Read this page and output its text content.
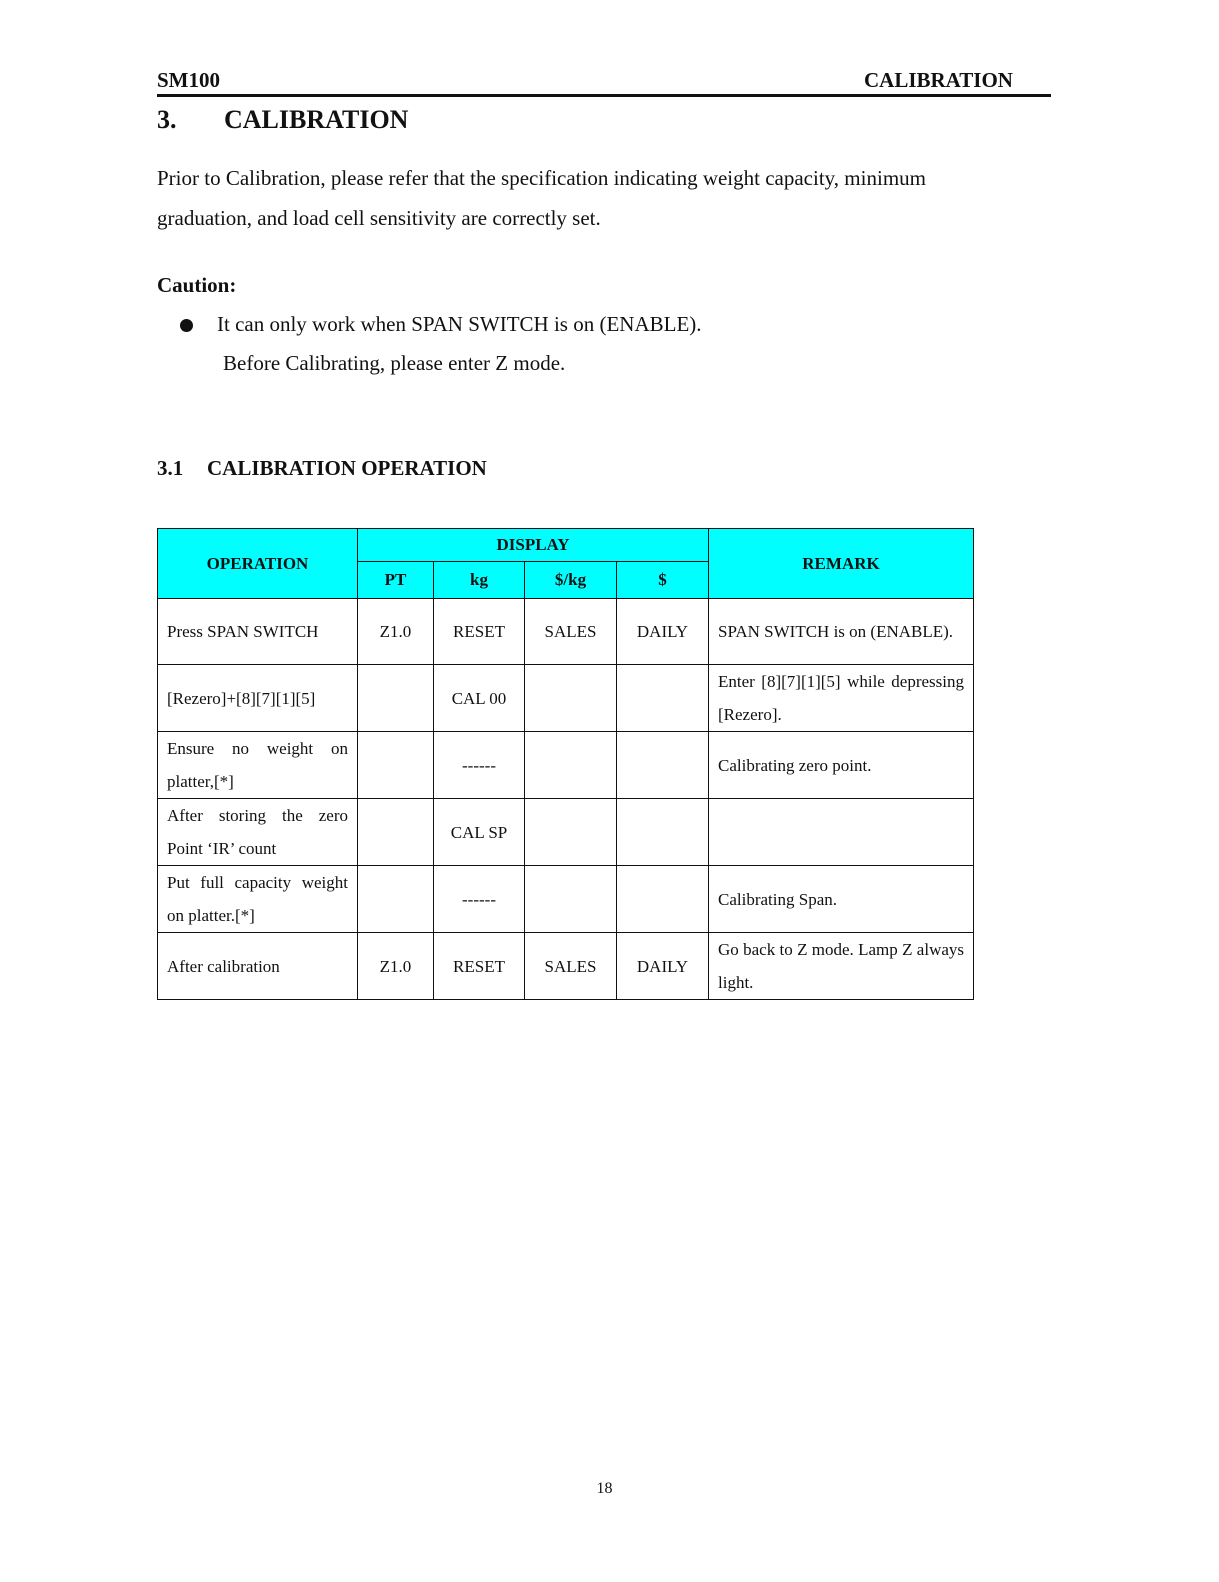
SM100	CALIBRATION
3. CALIBRATION
Prior to Calibration, please refer that the specification indicating weight capacity, minimum graduation, and load cell sensitivity are correctly set.
Caution:
It can only work when SPAN SWITCH is on (ENABLE).
Before Calibrating, please enter Z mode.
3.1 CALIBRATION OPERATION
OPERATION	DISPLAY				REMARK
	PT	kg	$/kg	$	
Press SPAN SWITCH	Z1.0	RESET	SALES	DAILY	SPAN SWITCH is on (ENABLE).
[Rezero]+[8][7][1][5]		CAL 00			Enter [8][7][1][5] while depressing [Rezero].
Ensure no weight on platter,[*]		------			Calibrating zero point.
After storing the zero Point ‘IR’ count		CAL SP			
Put full capacity weight on platter.[*]		------			Calibrating Span.
After calibration	Z1.0	RESET	SALES	DAILY	Go back to Z mode. Lamp Z always light.
18
